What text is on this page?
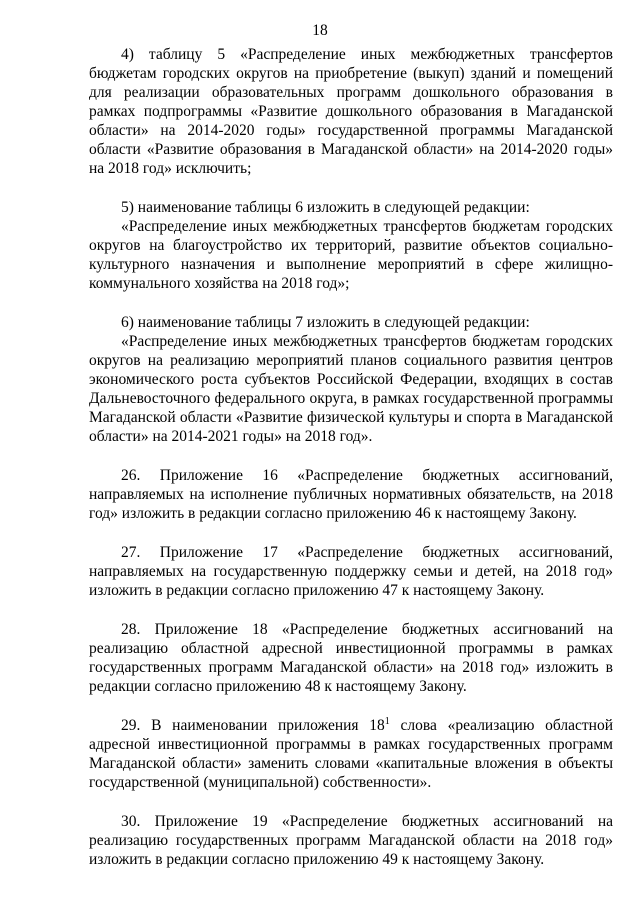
18

4) таблицу 5 «Распределение иных межбюджетных трансфертов бюджетам городских округов на приобретение (выкуп) зданий и помещений для реализации образовательных программ дошкольного образования в рамках подпрограммы «Развитие дошкольного образования в Магаданской области» на 2014-2020 годы» государственной программы Магаданской области «Развитие образования в Магаданской области» на 2014-2020 годы» на 2018 год» исключить;

5) наименование таблицы 6 изложить в следующей редакции:

«Распределение иных межбюджетных трансфертов бюджетам городских округов на благоустройство их территорий, развитие объектов социально-культурного назначения и выполнение мероприятий в сфере жилищно-коммунального хозяйства на 2018 год»;

6) наименование таблицы 7 изложить в следующей редакции:

«Распределение иных межбюджетных трансфертов бюджетам городских округов на реализацию мероприятий планов социального развития центров экономического роста субъектов Российской Федерации, входящих в состав Дальневосточного федерального округа, в рамках государственной программы Магаданской области «Развитие физической культуры и спорта в Магаданской области» на 2014-2021 годы» на 2018 год».

26. Приложение 16 «Распределение бюджетных ассигнований, направляемых на исполнение публичных нормативных обязательств, на 2018 год» изложить в редакции согласно приложению 46 к настоящему Закону.

27. Приложение 17 «Распределение бюджетных ассигнований, направляемых на государственную поддержку семьи и детей, на 2018 год» изложить в редакции согласно приложению 47 к настоящему Закону.

28. Приложение 18 «Распределение бюджетных ассигнований на реализацию областной адресной инвестиционной программы в рамках государственных программ Магаданской области» на 2018 год» изложить в редакции согласно приложению 48 к настоящему Закону.

29. В наименовании приложения $18^1$ слова «реализацию областной адресной инвестиционной программы в рамках государственных программ Магаданской области» заменить словами «капитальные вложения в объекты государственной (муниципальной) собственности».

30. Приложение 19 «Распределение бюджетных ассигнований на реализацию государственных программ Магаданской области на 2018 год» изложить в редакции согласно приложению 49 к настоящему Закону.
